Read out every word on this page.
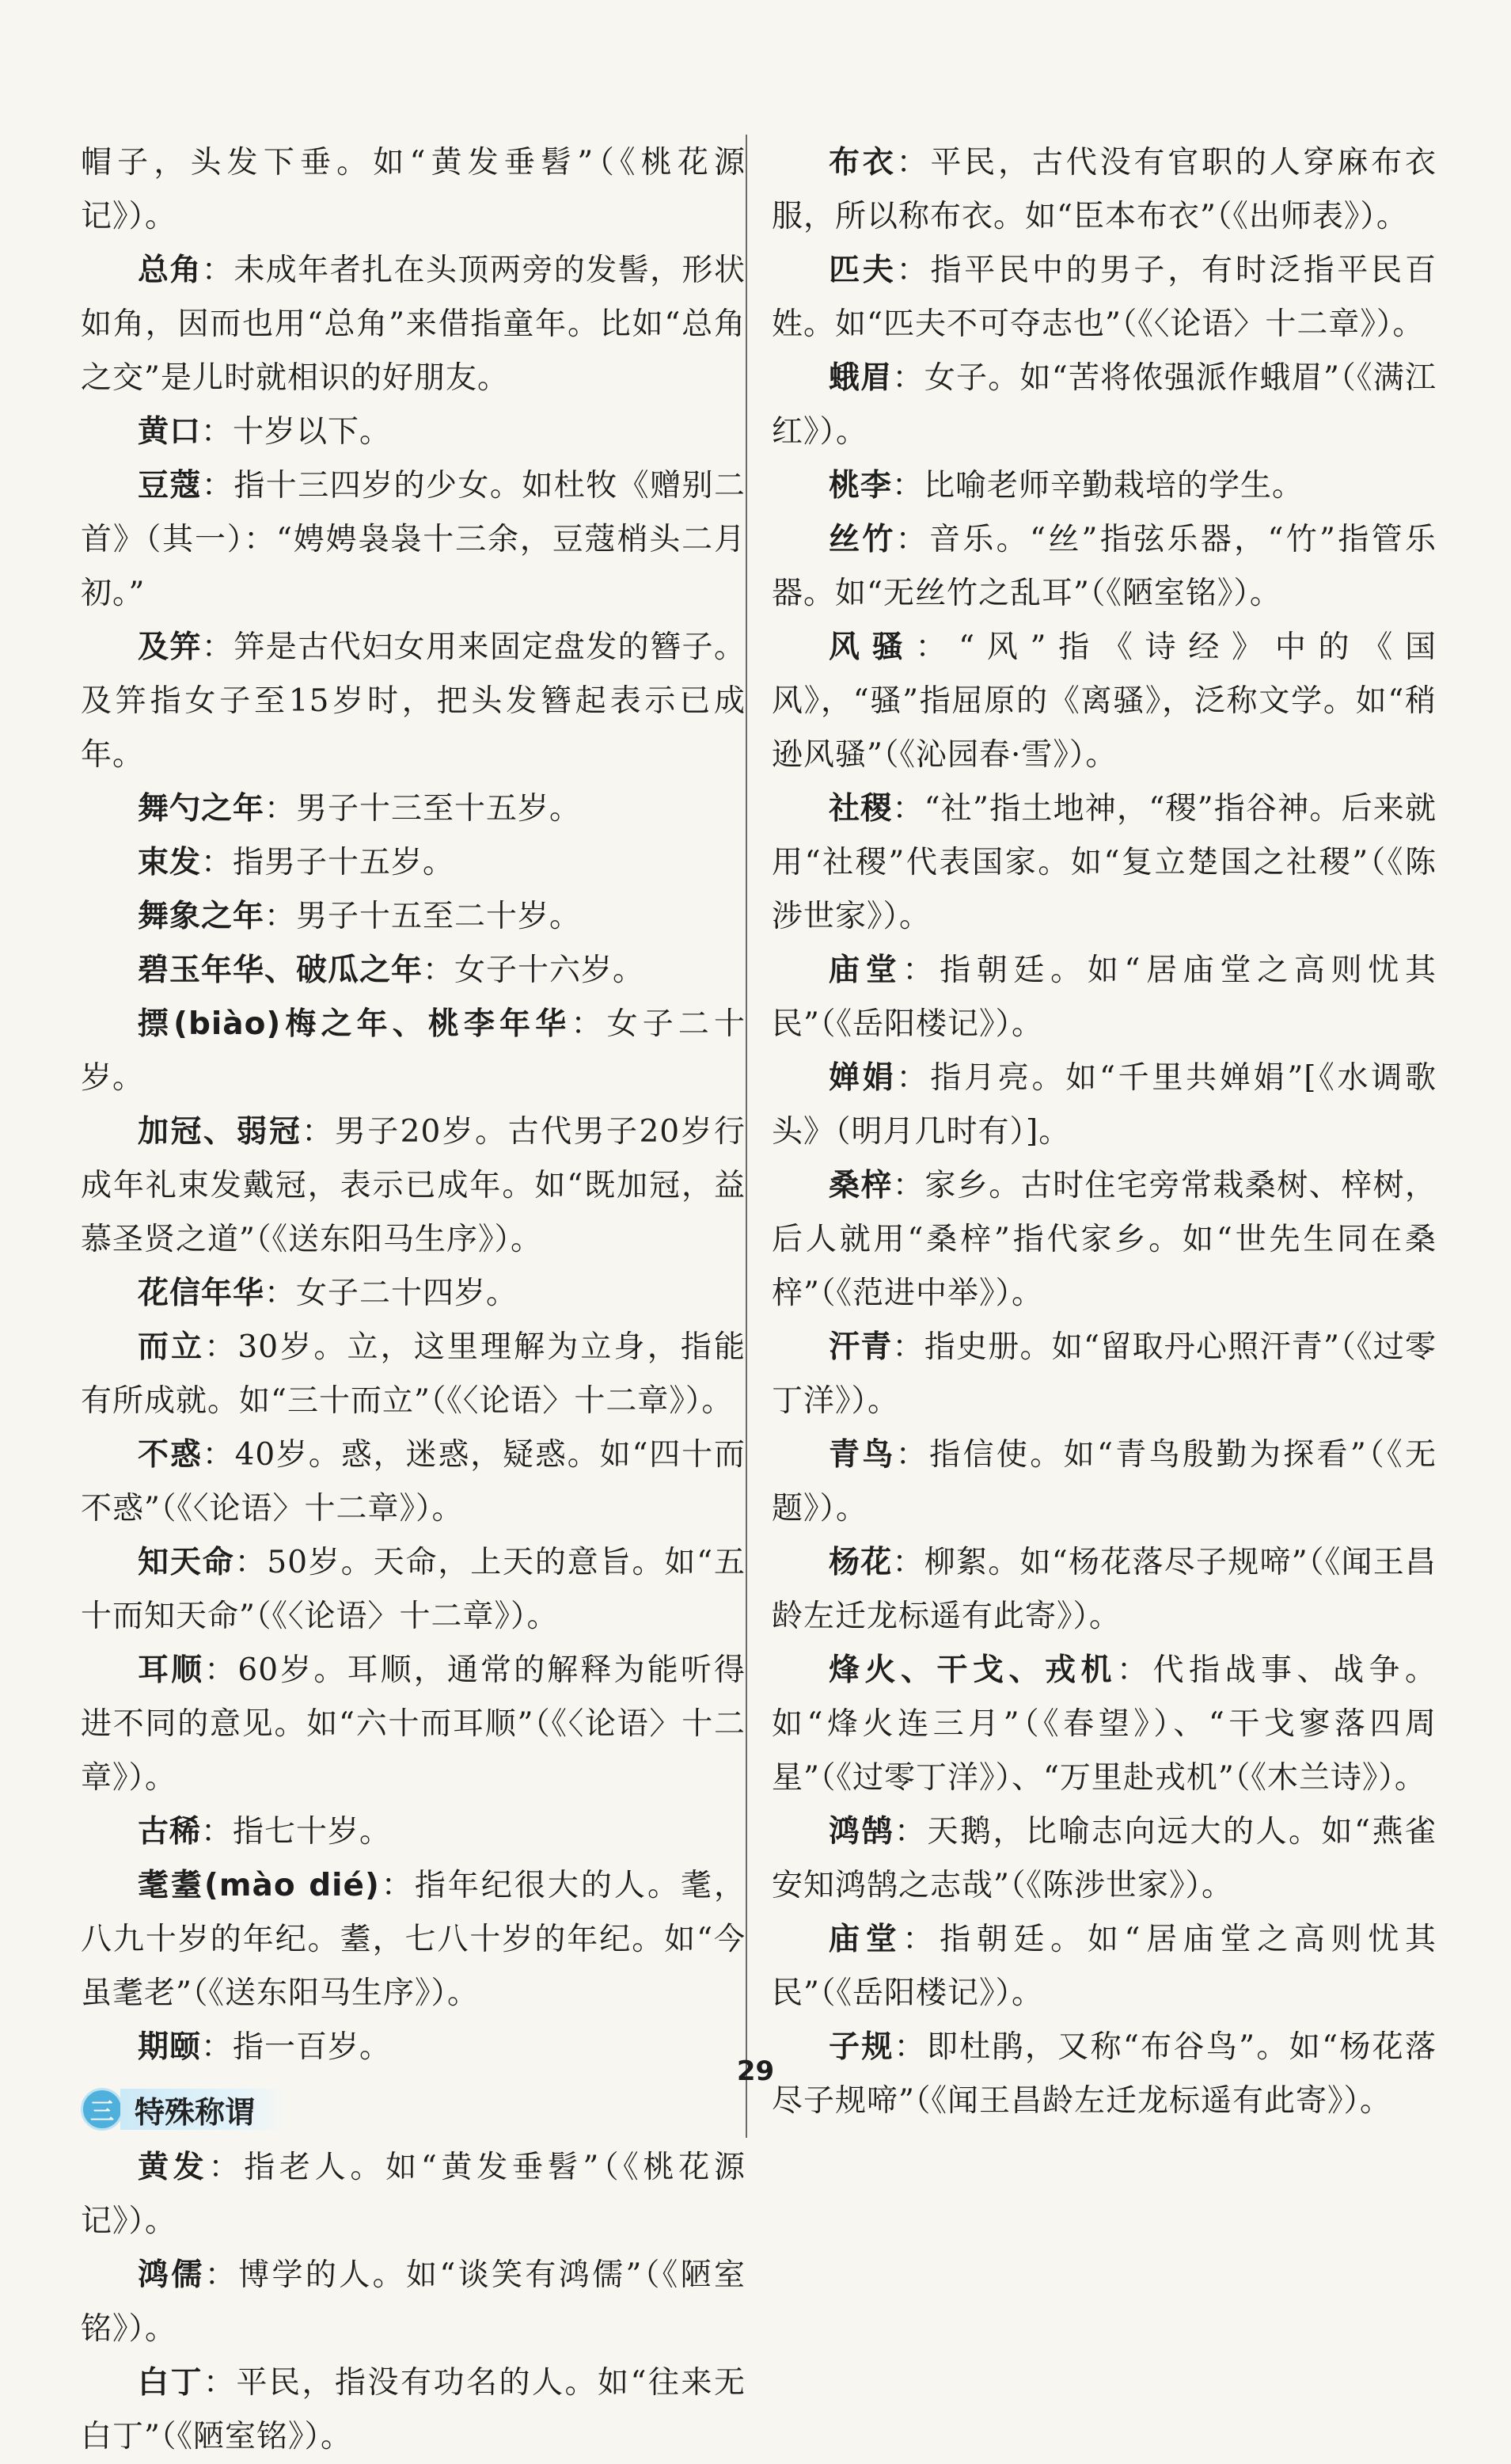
帽子，头发下垂。如“黄发垂髫”（《桃花源记》）。

总角：未成年者扎在头顶两旁的发髻，形状如角，因而也用“总角”来借指童年。比如“总角之交”是儿时就相识的好朋友。

黄口：十岁以下。

豆蔻：指十三四岁的少女。如杜牧《赠别二首》（其一）：“娉娉袅袅十三余，豆蔻梢头二月初。”

及笄：笄是古代妇女用来固定盘发的簪子。及笄指女子至15岁时，把头发簪起表示已成年。

舞勺之年：男子十三至十五岁。

束发：指男子十五岁。

舞象之年：男子十五至二十岁。

碧玉年华、破瓜之年：女子十六岁。

摽(biào)梅之年、桃李年华：女子二十岁。

加冠、弱冠：男子20岁。古代男子20岁行成年礼束发戴冠，表示已成年。如“既加冠，益慕圣贤之道”（《送东阳马生序》）。

花信年华：女子二十四岁。

而立：30岁。立，这里理解为立身，指能有所成就。如“三十而立”（《〈论语〉十二章》）。

不惑：40岁。惑，迷惑，疑惑。如“四十而不惑”（《〈论语〉十二章》）。

知天命：50岁。天命，上天的意旨。如“五十而知天命”（《〈论语〉十二章》）。

耳顺：60岁。耳顺，通常的解释为能听得进不同的意见。如“六十而耳顺”（《〈论语〉十二章》）。

古稀：指七十岁。

耄耋(mào dié)：指年纪很大的人。耄，八九十岁的年纪。耋，七八十岁的年纪。如“今虽耄老”（《送东阳马生序》）。

期颐：指一百岁。

三 特殊称谓

黄发：指老人。如“黄发垂髫”（《桃花源记》）。

鸿儒：博学的人。如“谈笑有鸿儒”（《陋室铭》）。

白丁：平民，指没有功名的人。如“往来无白丁”（《陋室铭》）。

布衣：平民，古代没有官职的人穿麻布衣服，所以称布衣。如“臣本布衣”（《出师表》）。

匹夫：指平民中的男子，有时泛指平民百姓。如“匹夫不可夺志也”（《〈论语〉十二章》）。

蛾眉：女子。如“苦将侬强派作蛾眉”（《满江红》）。

桃李：比喻老师辛勤栽培的学生。

丝竹：音乐。“丝”指弦乐器，“竹”指管乐器。如“无丝竹之乱耳”（《陋室铭》）。

风骚：“风”指《诗经》中的《国风》，“骚”指屈原的《离骚》，泛称文学。如“稍逊风骚”（《沁园春·雪》）。

社稷：“社”指土地神，“稷”指谷神。后来就用“社稷”代表国家。如“复立楚国之社稷”（《陈涉世家》）。

庙堂：指朝廷。如“居庙堂之高则忧其民”（《岳阳楼记》）。

婵娟：指月亮。如“千里共婵娟”[《水调歌头》（明月几时有）]。

桑梓：家乡。古时住宅旁常栽桑树、梓树，后人就用“桑梓”指代家乡。如“世先生同在桑梓”（《范进中举》）。

汗青：指史册。如“留取丹心照汗青”（《过零丁洋》）。

青鸟：指信使。如“青鸟殷勤为探看”（《无题》）。

杨花：柳絮。如“杨花落尽子规啼”（《闻王昌龄左迁龙标遥有此寄》）。

烽火、干戈、戎机：代指战事、战争。如“烽火连三月”（《春望》）、“干戈寥落四周星”（《过零丁洋》）、“万里赴戎机”（《木兰诗》）。

鸿鹄：天鹅，比喻志向远大的人。如“燕雀安知鸿鹄之志哉”（《陈涉世家》）。

庙堂：指朝廷。如“居庙堂之高则忧其民”（《岳阳楼记》）。

子规：即杜鹃，又称“布谷鸟”。如“杨花落尽子规啼”（《闻王昌龄左迁龙标遥有此寄》）。

29
